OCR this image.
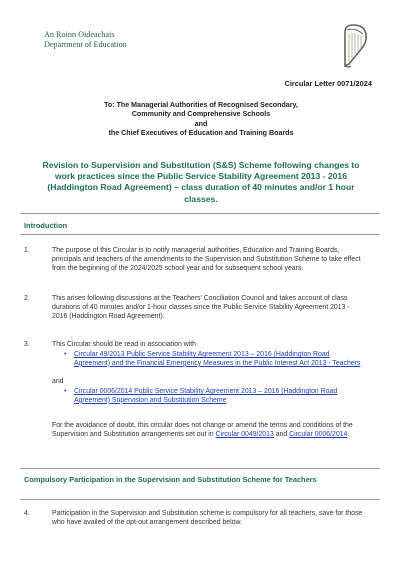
An Roinn Oideachais
Department of Education
Circular Letter 0071/2024
To: The Managerial Authorities of Recognised Secondary,
Community and Comprehensive Schools
and
the Chief Executives of Education and Training Boards
Revision to Supervision and Substitution (S&S) Scheme following changes to work practices since the Public Service Stability Agreement 2013 - 2016 (Haddington Road Agreement) – class duration of 40 minutes and/or 1 hour classes.
Introduction
1.	The purpose of this Circular is to notify managerial authorities, Education and Training Boards, principals and teachers of the amendments to the Supervision and Substitution Scheme to take effect from the beginning of the 2024/2025 school year and for subsequent school years.
2.	This arises following discussions at the Teachers' Conciliation Council and takes account of class durations of 40 minutes and/or 1-hour classes since the Public Service Stability Agreement 2013 - 2016 (Haddington Road Agreement).
3.	This Circular should be read in association with
• Circular 49/2013 Public Service Stability Agreement 2013 – 2016 (Haddington Road Agreement) and the Financial Emergency Measures in the Public Interest Act 2013 - Teachers
and
• Circular 0006/2014 Public Service Stability Agreement 2013 – 2016 (Haddington Road Agreement) Supervision and Substitution Scheme
For the avoidance of doubt, this circular does not change or amend the terms and conditions of the Supervision and Substitution arrangements set out in Circular 0049/2013 and Circular 0006/2014.
Compulsory Participation in the Supervision and Substitution Scheme for Teachers
4.	Participation in the Supervision and Substitution scheme is compulsory for all teachers, save for those who have availed of the opt-out arrangement described below.
